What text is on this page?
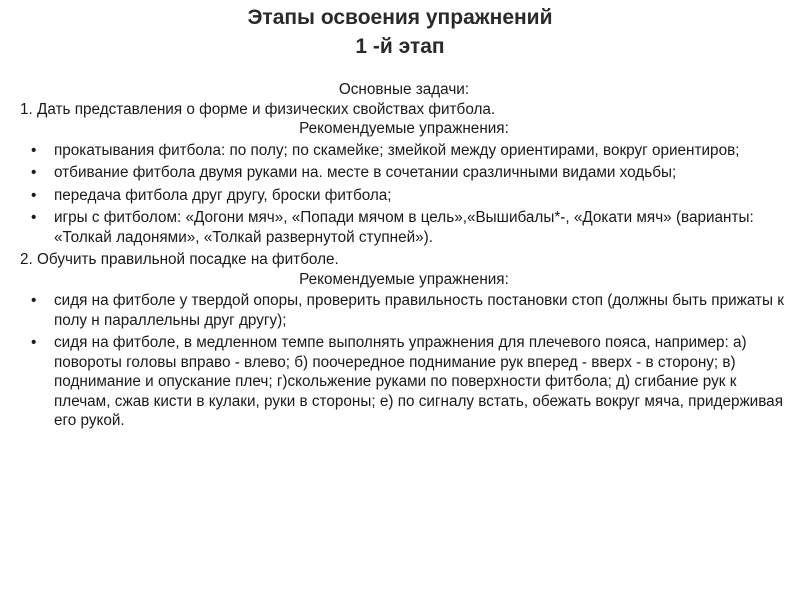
Этапы освоения упражнений
1 -й этап

Основные задачи:

1. Дать представления о форме и физических свойствах фитбола.

Рекомендуемые упражнения:

• прокатывания фитбола: по полу; по скамейке; змейкой между ориентирами, вокруг ориентиров;
• отбивание фитбола двумя руками на. месте в сочетании сразличными видами ходьбы;
• передача фитбола друг другу, броски фитбола;
• игры с фитболом: «Догони мяч», «Попади мячом в цель»,«Вышибалы*-, «Докати мяч» (варианты: «Толкай ладонями», «Толкай развернутой ступней»).

2. Обучить правильной посадке на фитболе.

Рекомендуемые упражнения:

• сидя на фитболе у твердой опоры, проверить правильность постановки стоп (должны быть прижаты к полу н параллельны друг другу);
• сидя на фитболе, в медленном темпе выполнять упражнения для плечевого пояса, например: а) повороты головы вправо - влево; б) поочередное поднимание рук вперед - вверх - в сторону; в) поднимание и опускание плеч; г)скольжение руками по поверхности фитбола; д) сгибание рук к плечам, сжав кисти в кулаки, руки в стороны; е) по сигналу встать, обежать вокруг мяча, придерживая его рукой.
